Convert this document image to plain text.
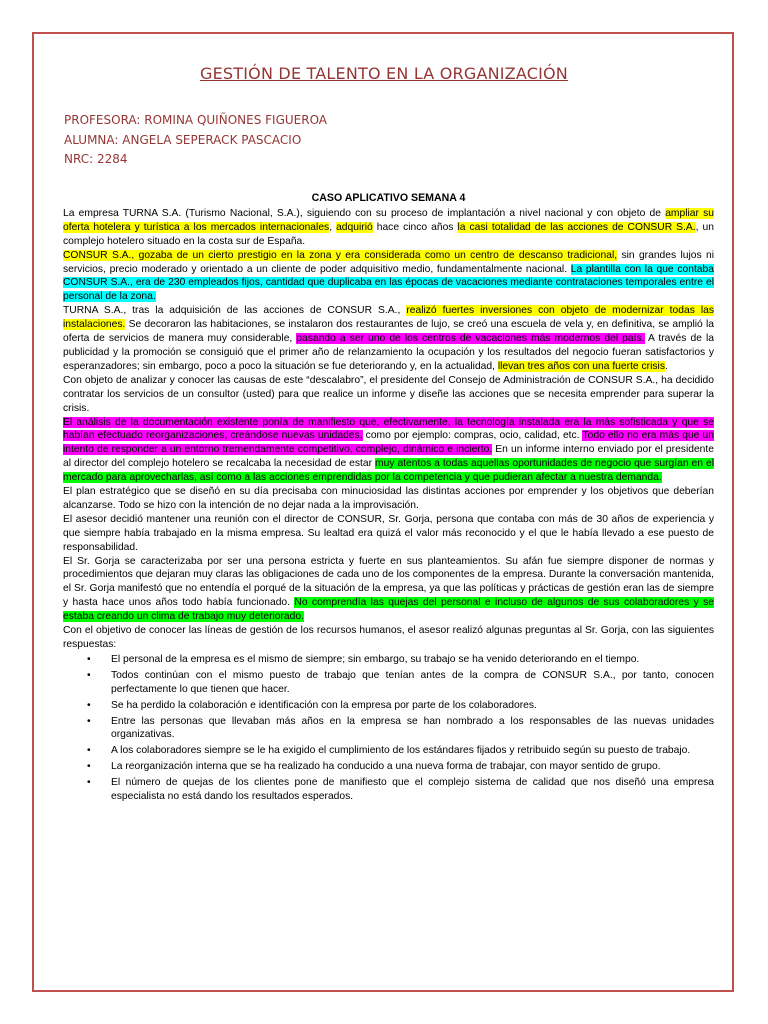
GESTIÓN DE TALENTO EN LA ORGANIZACIÓN
PROFESORA: ROMINA QUIÑONES FIGUEROA
ALUMNA: ANGELA SEPERACK PASCACIO
NRC: 2284
CASO APLICATIVO SEMANA 4

La empresa TURNA S.A. (Turismo Nacional, S.A.), siguiendo con su proceso de implantación a nivel nacional y con objeto de ampliar su oferta hotelera y turística a los mercados internacionales, adquirió hace cinco años la casi totalidad de las acciones de CONSUR S.A., un complejo hotelero situado en la costa sur de España.

CONSUR S.A., gozaba de un cierto prestigio en la zona y era considerada como un centro de descanso tradicional, sin grandes lujos ni servicios, precio moderado y orientado a un cliente de poder adquisitivo medio, fundamentalmente nacional. La plantilla con la que contaba CONSUR S.A., era de 230 empleados fijos, cantidad que duplicaba en las épocas de vacaciones mediante contrataciones temporales entre el personal de la zona.

TURNA S.A., tras la adquisición de las acciones de CONSUR S.A., realizó fuertes inversiones con objeto de modernizar todas las instalaciones. Se decoraron las habitaciones, se instalaron dos restaurantes de lujo, se creó una escuela de vela y, en definitiva, se amplió la oferta de servicios de manera muy considerable, pasando a ser uno de los centros de vacaciones más modernos del país. A través de la publicidad y la promoción se consiguió que el primer año de relanzamiento la ocupación y los resultados del negocio fueran satisfactorios y esperanzadores; sin embargo, poco a poco la situación se fue deteriorando y, en la actualidad, llevan tres años con una fuerte crisis.

Con objeto de analizar y conocer las causas de este “descalabro”, el presidente del Consejo de Administración de CONSUR S.A., ha decidido contratar los servicios de un consultor (usted) para que realice un informe y diseñe las acciones que se necesita emprender para superar la crisis.

El análisis de la documentación existente ponía de manifiesto que, efectivamente, la tecnología instalada era la más sofisticada y que se habían efectuado reorganizaciones, creándose nuevas unidades, como por ejemplo: compras, ocio, calidad, etc. Todo ello no era más que un intento de responder a un entorno tremendamente competitivo, complejo, dinámico e incierto. En un informe interno enviado por el presidente al director del complejo hotelero se recalcaba la necesidad de estar muy atentos a todas aquellas oportunidades de negocio que surgían en el mercado para aprovecharlas, así como a las acciones emprendidas por la competencia y que pudieran afectar a nuestra demanda.

El plan estratégico que se diseñó en su día precisaba con minuciosidad las distintas acciones por emprender y los objetivos que deberían alcanzarse. Todo se hizo con la intención de no dejar nada a la improvisación.

El asesor decidió mantener una reunión con el director de CONSUR, Sr. Gorja, persona que contaba con más de 30 años de experiencia y que siempre había trabajado en la misma empresa. Su lealtad era quizá el valor más reconocido y el que le había llevado a ese puesto de responsabilidad.

El Sr. Gorja se caracterizaba por ser una persona estricta y fuerte en sus planteamientos. Su afán fue siempre disponer de normas y procedimientos que dejaran muy claras las obligaciones de cada uno de los componentes de la empresa. Durante la conversación mantenida, el Sr. Gorja manifestó que no entendía el porqué de la situación de la empresa, ya que las políticas y prácticas de gestión eran las de siempre y hasta hace unos años todo había funcionado. No comprendía las quejas del personal e incluso de algunos de sus colaboradores y se estaba creando un clima de trabajo muy deteriorado.

Con el objetivo de conocer las líneas de gestión de los recursos humanos, el asesor realizó algunas preguntas al Sr. Gorja, con las siguientes respuestas:

• El personal de la empresa es el mismo de siempre; sin embargo, su trabajo se ha venido deteriorando en el tiempo.
• Todos continúan con el mismo puesto de trabajo que tenían antes de la compra de CONSUR S.A., por tanto, conocen perfectamente lo que tienen que hacer.
• Se ha perdido la colaboración e identificación con la empresa por parte de los colaboradores.
• Entre las personas que llevaban más años en la empresa se han nombrado a los responsables de las nuevas unidades organizativas.
• A los colaboradores siempre se le ha exigido el cumplimiento de los estándares fijados y retribuido según su puesto de trabajo.
• La reorganización interna que se ha realizado ha conducido a una nueva forma de trabajar, con mayor sentido de grupo.
• El número de quejas de los clientes pone de manifiesto que el complejo sistema de calidad que nos diseñó una empresa especialista no está dando los resultados esperados.
